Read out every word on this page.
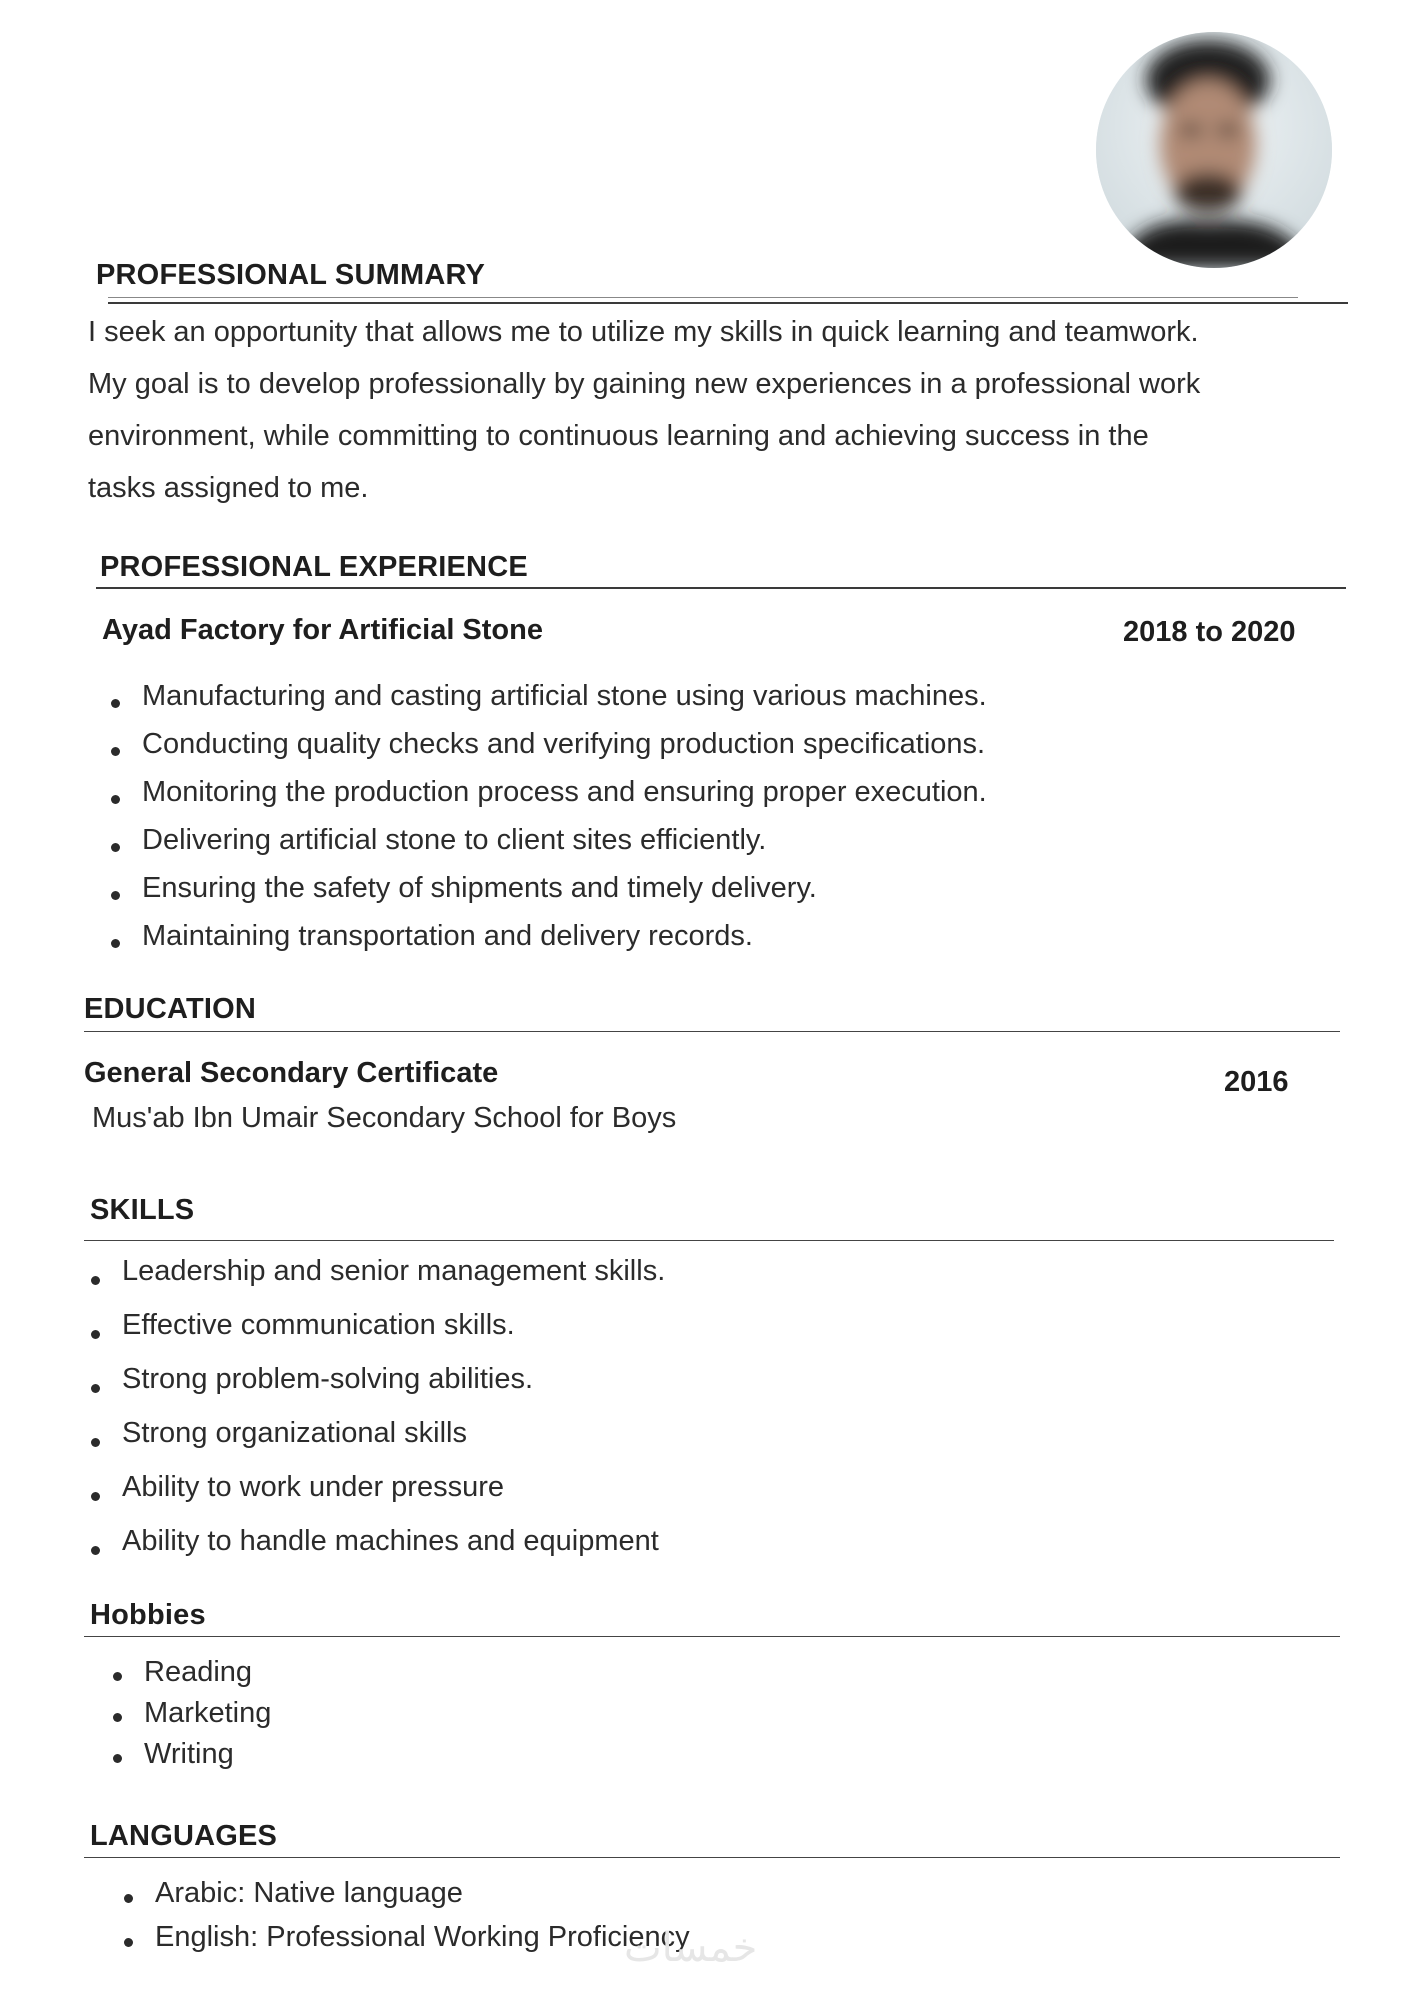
PROFESSIONAL SUMMARY
I seek an opportunity that allows me to utilize my skills in quick learning and teamwork.
My goal is to develop professionally by gaining new experiences in a professional work
environment, while committing to continuous learning and achieving success in the
tasks assigned to me.
PROFESSIONAL EXPERIENCE
Ayad Factory for Artificial Stone	2018 to 2020
Manufacturing and casting artificial stone using various machines.
Conducting quality checks and verifying production specifications.
Monitoring the production process and ensuring proper execution.
Delivering artificial stone to client sites efficiently.
Ensuring the safety of shipments and timely delivery.
Maintaining transportation and delivery records.
EDUCATION
General Secondary Certificate	2016
Mus'ab Ibn Umair Secondary School for Boys
SKILLS
Leadership and senior management skills.
Effective communication skills.
Strong problem-solving abilities.
Strong organizational skills
Ability to work under pressure
Ability to handle machines and equipment
Hobbies
Reading
Marketing
Writing
LANGUAGES
Arabic: Native language
English: Professional Working Proficiency
خمسات
